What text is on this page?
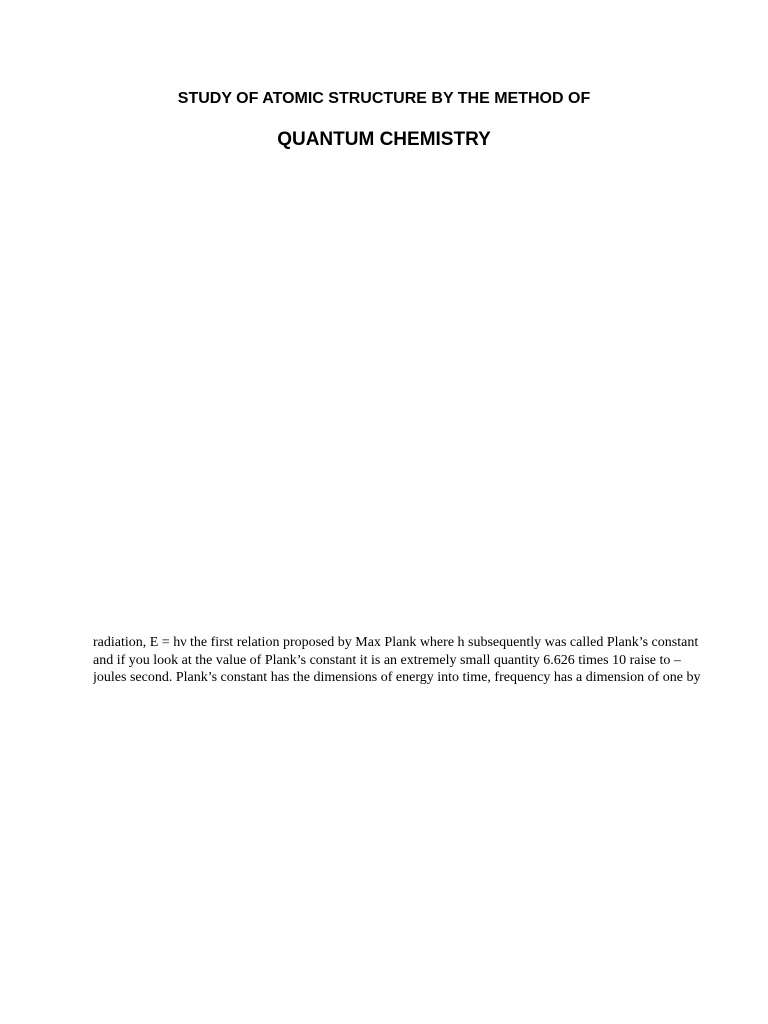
STUDY OF ATOMIC STRUCTURE BY THE METHOD OF
QUANTUM CHEMISTRY
radiation, E = hν the first relation proposed by Max Plank where h subsequently was called Plank’s constant
and if you look at the value of Plank’s constant it is an extremely small quantity 6.626 times 10 raise to –
joules second. Plank’s constant has the dimensions of energy into time, frequency has a dimension of one by
